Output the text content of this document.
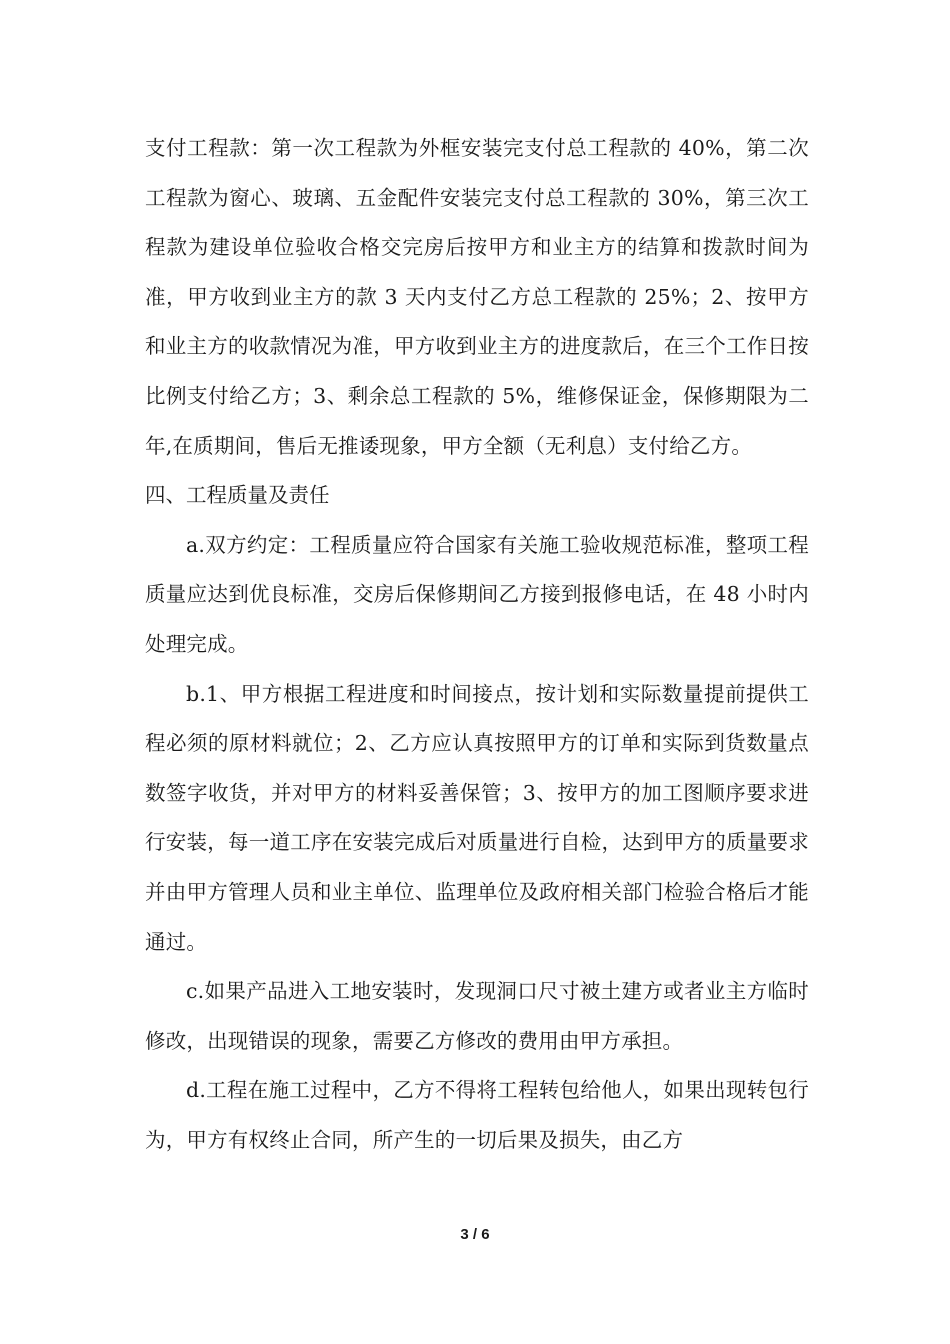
支付工程款：第一次工程款为外框安装完支付总工程款的 40%，第二次工程款为窗心、玻璃、五金配件安装完支付总工程款的 30%，第三次工程款为建设单位验收合格交完房后按甲方和业主方的结算和拨款时间为准，甲方收到业主方的款 3 天内支付乙方总工程款的 25%；2、按甲方和业主方的收款情况为准，甲方收到业主方的进度款后，在三个工作日按比例支付给乙方；3、剩余总工程款的 5%，维修保证金，保修期限为二年,在质期间，售后无推诿现象，甲方全额（无利息）支付给乙方。

四、工程质量及责任

a.双方约定：工程质量应符合国家有关施工验收规范标准，整项工程质量应达到优良标准，交房后保修期间乙方接到报修电话，在 48 小时内处理完成。

b.1、甲方根据工程进度和时间接点，按计划和实际数量提前提供工程必须的原材料就位；2、乙方应认真按照甲方的订单和实际到货数量点数签字收货，并对甲方的材料妥善保管；3、按甲方的加工图顺序要求进行安装，每一道工序在安装完成后对质量进行自检，达到甲方的质量要求并由甲方管理人员和业主单位、监理单位及政府相关部门检验合格后才能通过。

c.如果产品进入工地安装时，发现洞口尺寸被土建方或者业主方临时修改，出现错误的现象，需要乙方修改的费用由甲方承担。

d.工程在施工过程中，乙方不得将工程转包给他人，如果出现转包行为，甲方有权终止合同，所产生的一切后果及损失，由乙方

3 / 6
